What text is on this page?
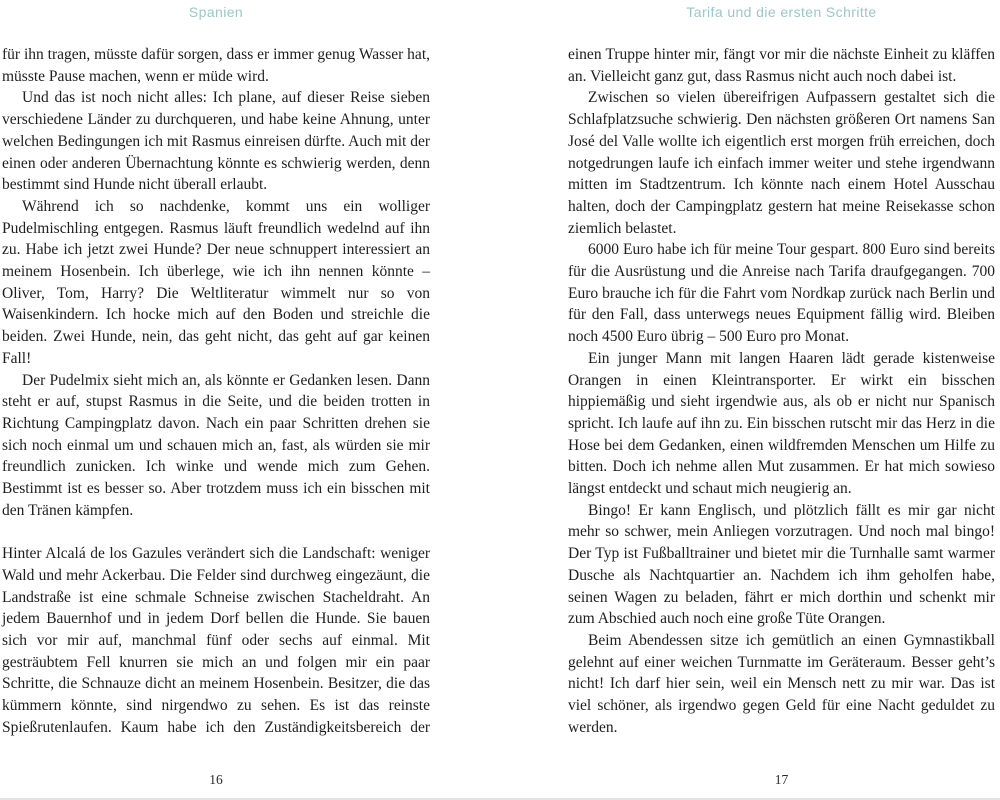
Spanien

für ihn tragen, müsste dafür sorgen, dass er immer genug Wasser hat, müsste Pause machen, wenn er müde wird.

Und das ist noch nicht alles: Ich plane, auf dieser Reise sieben verschiedene Länder zu durchqueren, und habe keine Ahnung, unter welchen Bedingungen ich mit Rasmus einreisen dürfte. Auch mit der einen oder anderen Übernachtung könnte es schwierig werden, denn bestimmt sind Hunde nicht überall erlaubt.

Während ich so nachdenke, kommt uns ein wolliger Pudelmischling entgegen. Rasmus läuft freundlich wedelnd auf ihn zu. Habe ich jetzt zwei Hunde? Der neue schnuppert interessiert an meinem Hosenbein. Ich überlege, wie ich ihn nennen könnte – Oliver, Tom, Harry? Die Weltliteratur wimmelt nur so von Waisenkindern. Ich hocke mich auf den Boden und streichle die beiden. Zwei Hunde, nein, das geht nicht, das geht auf gar keinen Fall!

Der Pudelmix sieht mich an, als könnte er Gedanken lesen. Dann steht er auf, stupst Rasmus in die Seite, und die beiden trotten in Richtung Campingplatz davon. Nach ein paar Schritten drehen sie sich noch einmal um und schauen mich an, fast, als würden sie mir freundlich zunicken. Ich winke und wende mich zum Gehen. Bestimmt ist es besser so. Aber trotzdem muss ich ein bisschen mit den Tränen kämpfen.

Hinter Alcalá de los Gazules verändert sich die Landschaft: weniger Wald und mehr Ackerbau. Die Felder sind durchweg eingezäunt, die Landstraße ist eine schmale Schneise zwischen Stacheldraht. An jedem Bauernhof und in jedem Dorf bellen die Hunde. Sie bauen sich vor mir auf, manchmal fünf oder sechs auf einmal. Mit gesträubtem Fell knurren sie mich an und folgen mir ein paar Schritte, die Schnauze dicht an meinem Hosenbein. Besitzer, die das kümmern könnte, sind nirgendwo zu sehen. Es ist das reinste Spießrutenlaufen. Kaum habe ich den Zuständigkeitsbereich der

16
Tarifa und die ersten Schritte

einen Truppe hinter mir, fängt vor mir die nächste Einheit zu kläffen an. Vielleicht ganz gut, dass Rasmus nicht auch noch dabei ist.

Zwischen so vielen übereifrigen Aufpassern gestaltet sich die Schlafplatzsuche schwierig. Den nächsten größeren Ort namens San José del Valle wollte ich eigentlich erst morgen früh erreichen, doch notgedrungen laufe ich einfach immer weiter und stehe irgendwann mitten im Stadtzentrum. Ich könnte nach einem Hotel Ausschau halten, doch der Campingplatz gestern hat meine Reisekasse schon ziemlich belastet.

6000 Euro habe ich für meine Tour gespart. 800 Euro sind bereits für die Ausrüstung und die Anreise nach Tarifa draufgegangen. 700 Euro brauche ich für die Fahrt vom Nordkap zurück nach Berlin und für den Fall, dass unterwegs neues Equipment fällig wird. Bleiben noch 4500 Euro übrig – 500 Euro pro Monat.

Ein junger Mann mit langen Haaren lädt gerade kistenweise Orangen in einen Kleintransporter. Er wirkt ein bisschen hippiemäßig und sieht irgendwie aus, als ob er nicht nur Spanisch spricht. Ich laufe auf ihn zu. Ein bisschen rutscht mir das Herz in die Hose bei dem Gedanken, einen wildfremden Menschen um Hilfe zu bitten. Doch ich nehme allen Mut zusammen. Er hat mich sowieso längst entdeckt und schaut mich neugierig an.

Bingo! Er kann Englisch, und plötzlich fällt es mir gar nicht mehr so schwer, mein Anliegen vorzutragen. Und noch mal bingo! Der Typ ist Fußballtrainer und bietet mir die Turnhalle samt warmer Dusche als Nachtquartier an. Nachdem ich ihm geholfen habe, seinen Wagen zu beladen, fährt er mich dorthin und schenkt mir zum Abschied auch noch eine große Tüte Orangen.

Beim Abendessen sitze ich gemütlich an einen Gymnastikball gelehnt auf einer weichen Turnmatte im Geräteraum. Besser geht’s nicht! Ich darf hier sein, weil ein Mensch nett zu mir war. Das ist viel schöner, als irgendwo gegen Geld für eine Nacht geduldet zu werden.

17
